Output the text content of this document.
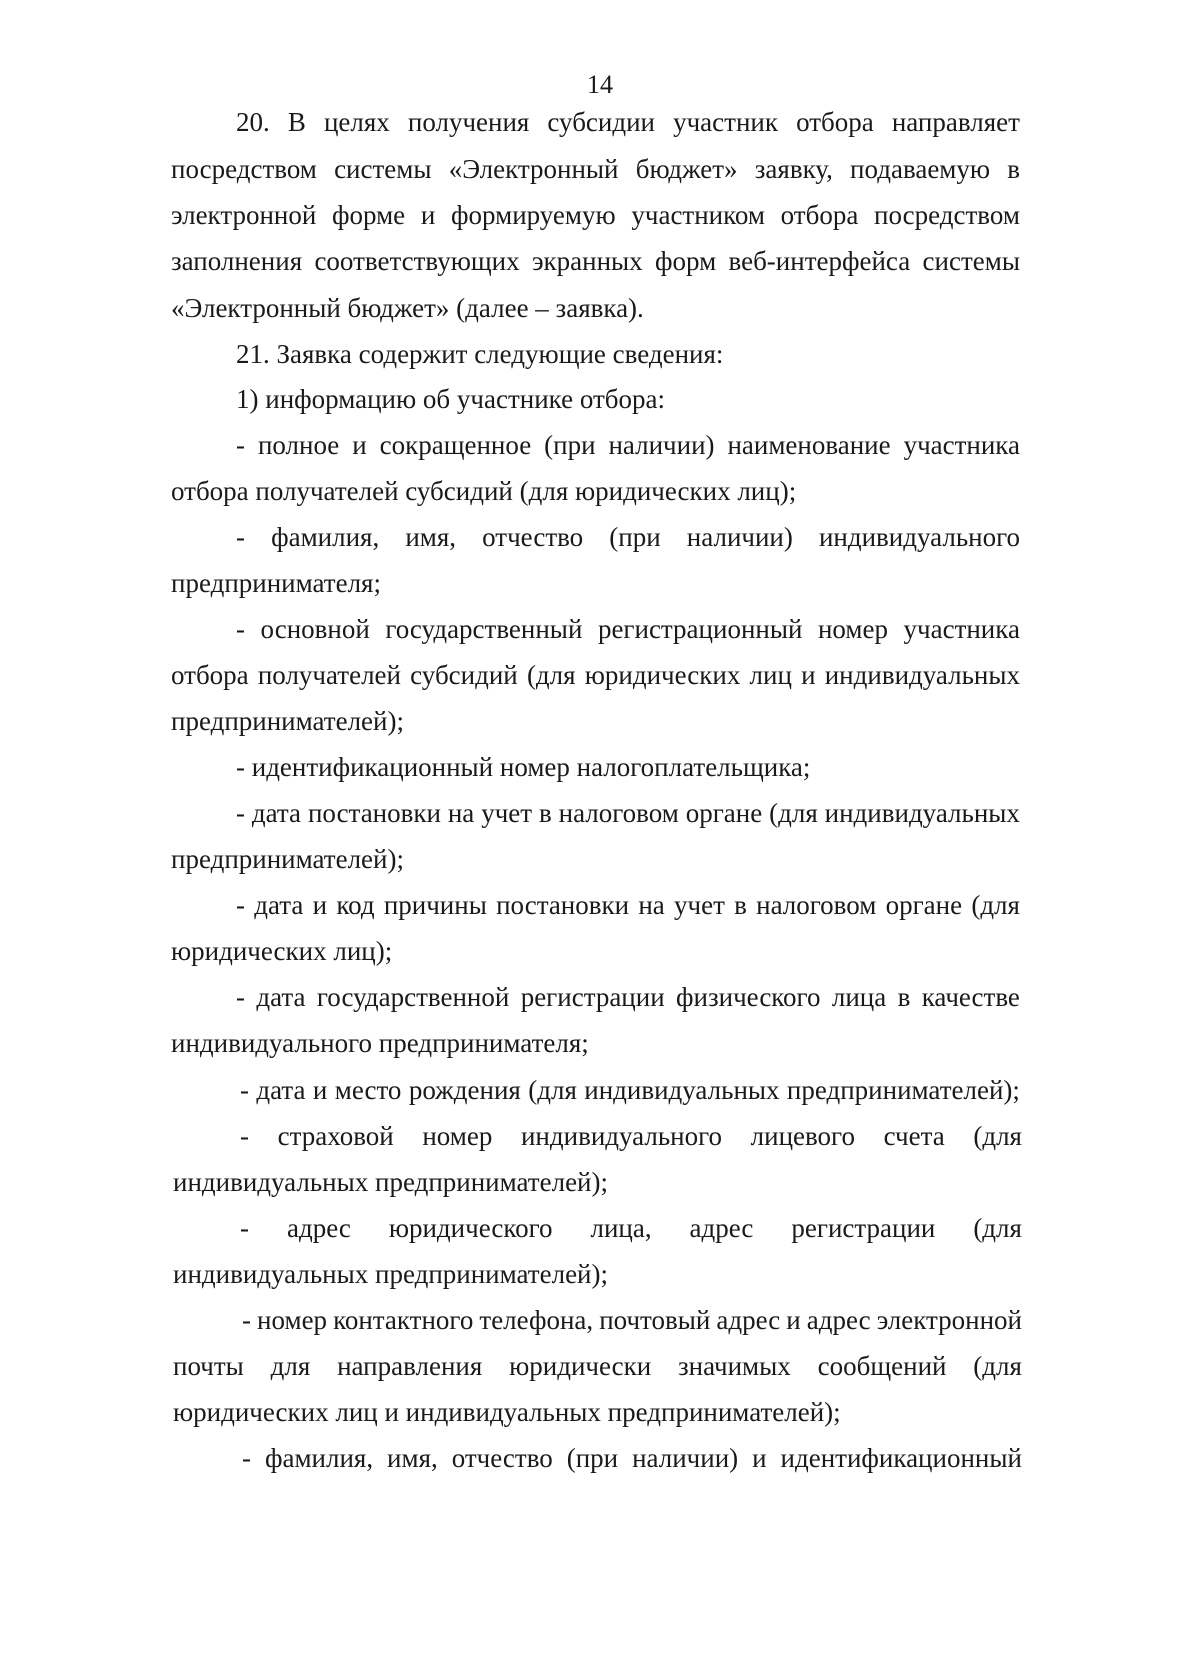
14
20. В целях получения субсидии участник отбора направляет
посредством системы «Электронный бюджет» заявку, подаваемую в
электронной форме и формируемую участником отбора посредством
заполнения соответствующих экранных форм веб-интерфейса системы
«Электронный бюджет» (далее – заявка).
21. Заявка содержит следующие сведения:
1) информацию об участнике отбора:
- полное и сокращенное (при наличии) наименование участника
отбора получателей субсидий (для юридических лиц);
- фамилия, имя, отчество (при наличии) индивидуального
предпринимателя;
- основной государственный регистрационный номер участника
отбора получателей субсидий (для юридических лиц и индивидуальных
предпринимателей);
- идентификационный номер налогоплательщика;
- дата постановки на учет в налоговом органе (для индивидуальных
предпринимателей);
- дата и код причины постановки на учет в налоговом органе (для
юридических лиц);
- дата государственной регистрации физического лица в качестве
индивидуального предпринимателя;
- дата и место рождения (для индивидуальных предпринимателей);
- страховой номер индивидуального лицевого счета (для
индивидуальных предпринимателей);
- адрес юридического лица, адрес регистрации (для
индивидуальных предпринимателей);
- номер контактного телефона, почтовый адрес и адрес электронной
почты для направления юридически значимых сообщений (для
юридических лиц и индивидуальных предпринимателей);
- фамилия, имя, отчество (при наличии) и идентификационный
